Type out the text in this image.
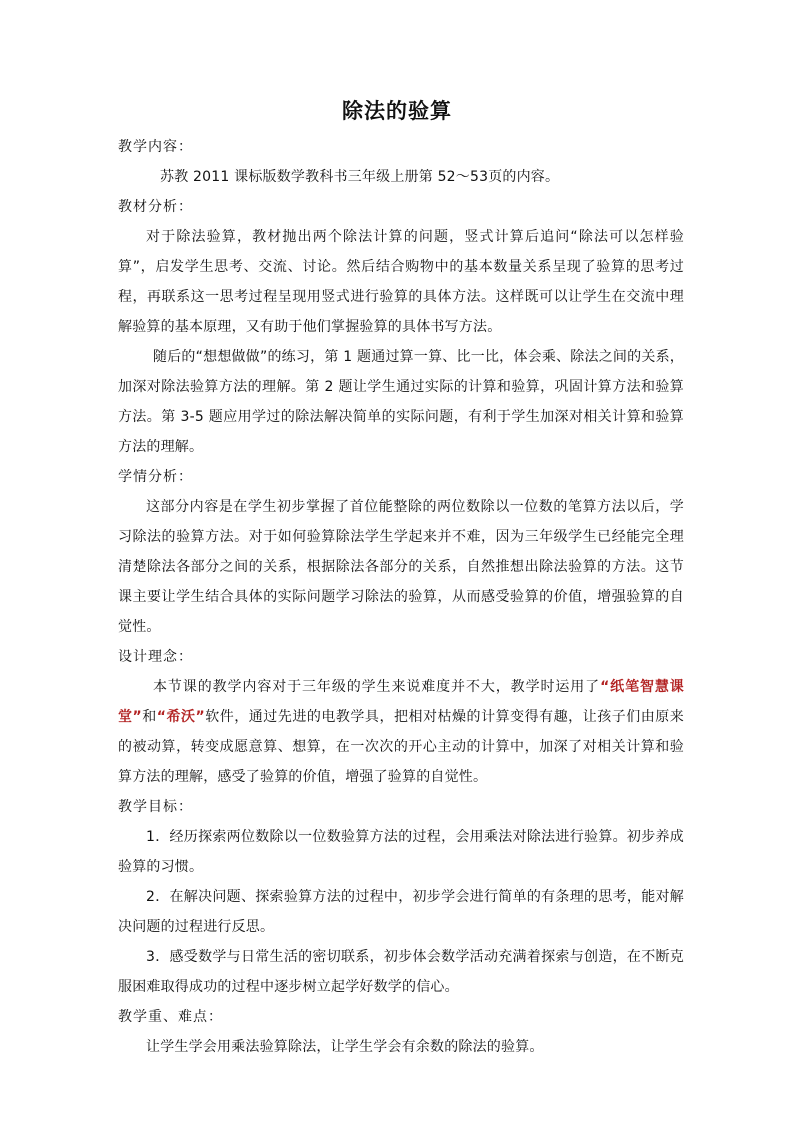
除法的验算

教学内容：

苏教 2011 课标版数学教科书三年级上册第 52～53页的内容。

教材分析：

对于除法验算，教材抛出两个除法计算的问题，竖式计算后追问“除法可以怎样验算”，启发学生思考、交流、讨论。然后结合购物中的基本数量关系呈现了验算的思考过程，再联系这一思考过程呈现用竖式进行验算的具体方法。这样既可以让学生在交流中理解验算的基本原理，又有助于他们掌握验算的具体书写方法。

随后的“想想做做”的练习，第 1 题通过算一算、比一比，体会乘、除法之间的关系，加深对除法验算方法的理解。第 2 题让学生通过实际的计算和验算，巩固计算方法和验算方法。第 3-5 题应用学过的除法解决简单的实际问题，有利于学生加深对相关计算和验算方法的理解。

学情分析：

这部分内容是在学生初步掌握了首位能整除的两位数除以一位数的笔算方法以后，学习除法的验算方法。对于如何验算除法学生学起来并不难，因为三年级学生已经能完全理清楚除法各部分之间的关系，根据除法各部分的关系，自然推想出除法验算的方法。这节课主要让学生结合具体的实际问题学习除法的验算，从而感受验算的价值，增强验算的自觉性。

设计理念：

本节课的教学内容对于三年级的学生来说难度并不大，教学时运用了“纸笔智慧课堂”和“希沃”软件，通过先进的电教学具，把相对枯燥的计算变得有趣，让孩子们由原来的被动算，转变成愿意算、想算，在一次次的开心主动的计算中，加深了对相关计算和验算方法的理解，感受了验算的价值，增强了验算的自觉性。

教学目标：

1．经历探索两位数除以一位数验算方法的过程，会用乘法对除法进行验算。初步养成验算的习惯。

2．在解决问题、探索验算方法的过程中，初步学会进行简单的有条理的思考，能对解决问题的过程进行反思。

3．感受数学与日常生活的密切联系，初步体会数学活动充满着探索与创造，在不断克服困难取得成功的过程中逐步树立起学好数学的信心。

教学重、难点：

让学生学会用乘法验算除法，让学生学会有余数的除法的验算。
